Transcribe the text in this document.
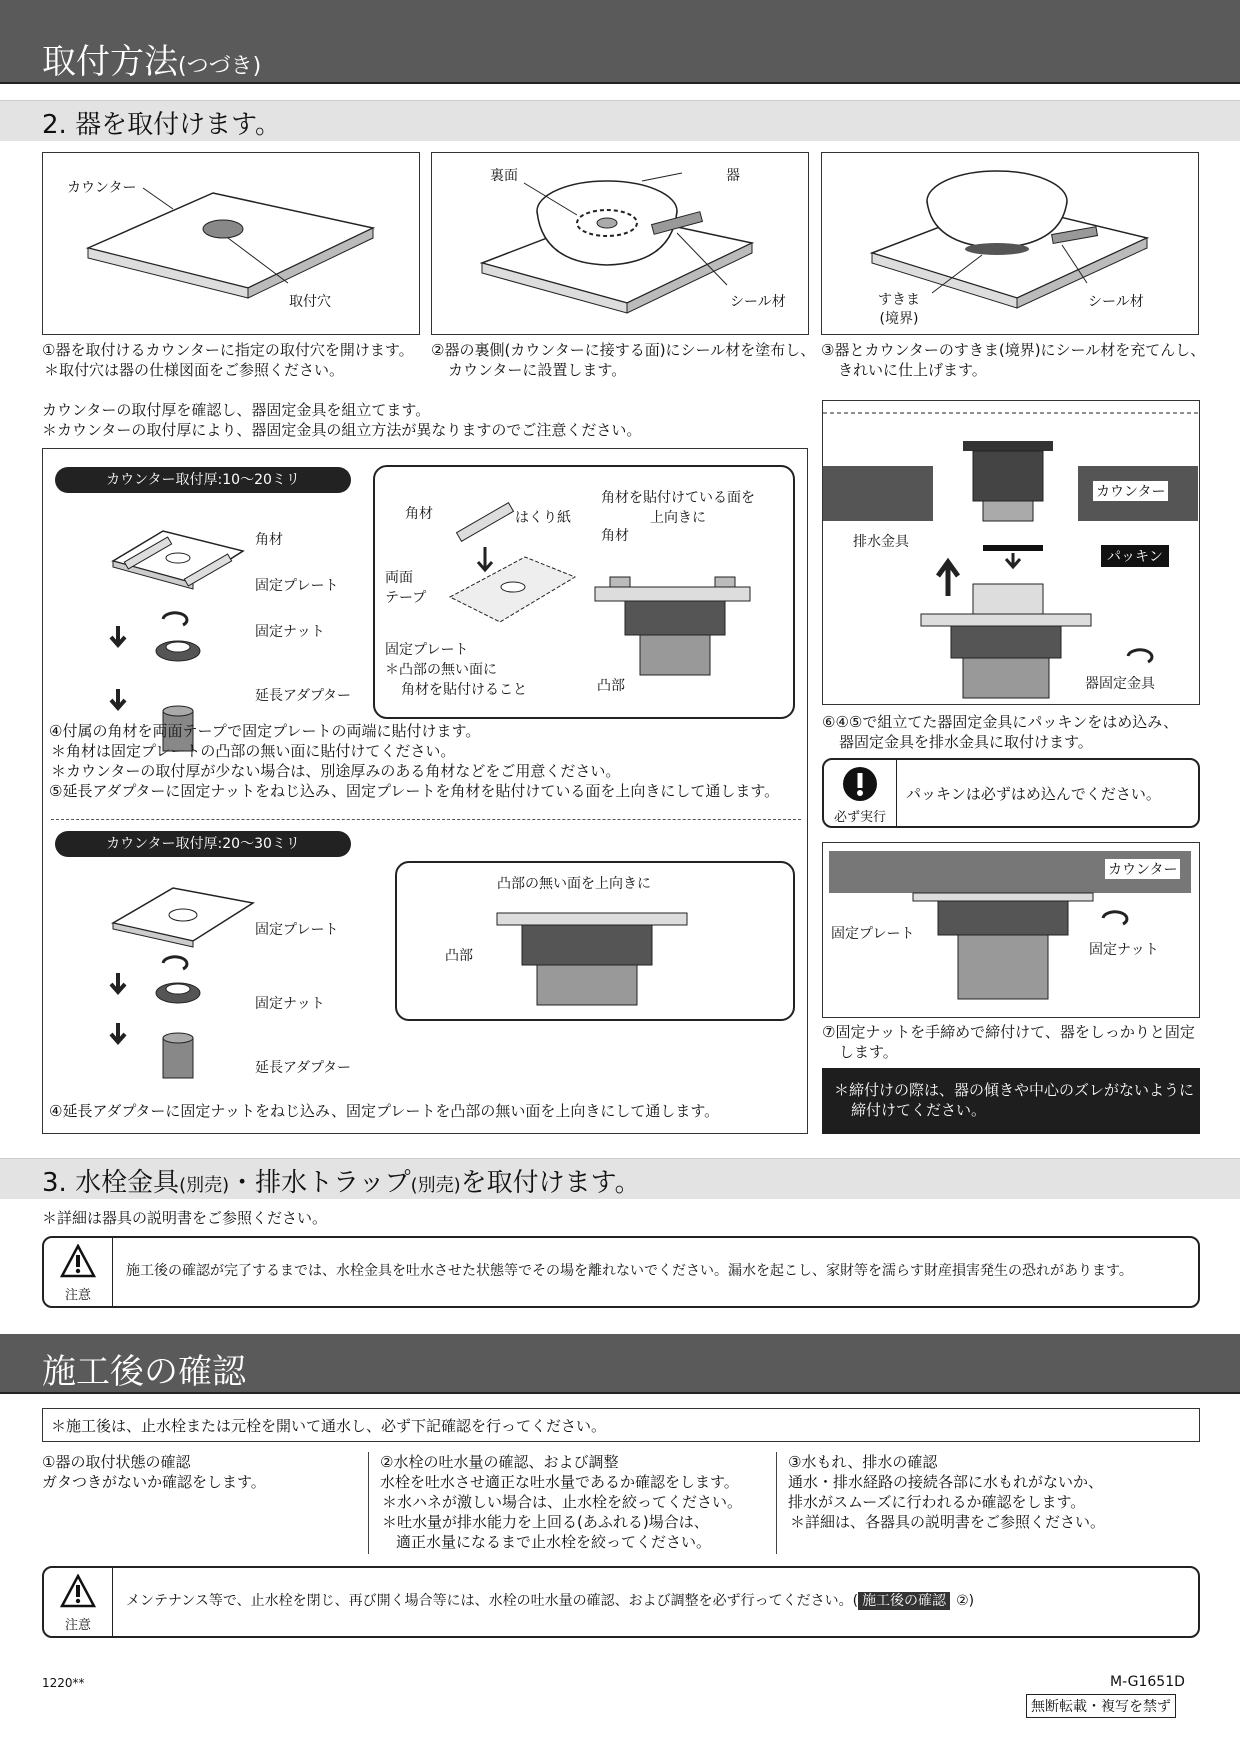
取付方法(つづき)
2. 器を取付けます。
カウンター
取付穴
裏面	器
シール材	すきま
(境界)
シール材
①器を取付けるカウンターに指定の取付穴を開けます。
＊取付穴は器の仕様図面をご参照ください。
②器の裏側(カウンターに接する面)にシール材を塗布し、
カウンターに設置します。
③器とカウンターのすきま(境界)にシール材を充てんし、
きれいに仕上げます。
カウンターの取付厚を確認し、器固定金具を組立てます。
＊カウンターの取付厚により、器固定金具の組立方法が異なりますのでご注意ください。
カウンター取付厚:10～20ミリ
角材
固定プレート
固定ナット
延長アダプター
角材	はくり紙
両面
テープ
固定プレート
＊凸部の無い面に
角材を貼付けること
角材を貼付けている面を
上向きに
角材
凸部
④付属の角材を両面テープで固定プレートの両端に貼付けます。
＊角材は固定プレートの凸部の無い面に貼付けてください。
＊カウンターの取付厚が少ない場合は、別途厚みのある角材などをご用意ください。
⑤延長アダプターに固定ナットをねじ込み、固定プレートを角材を貼付けている面を上向きにして通します。
カウンター取付厚:20～30ミリ
固定プレート
固定ナット
延長アダプター
凸部の無い面を上向きに
凸部
④延長アダプターに固定ナットをねじ込み、固定プレートを凸部の無い面を上向きにして通します。
カウンター
排水金具
パッキン
器固定金具
⑥④⑤で組立てた器固定金具にパッキンをはめ込み、
器固定金具を排水金具に取付けます。
必ず実行
パッキンは必ずはめ込んでください。
カウンター
固定プレート
固定ナット
⑦固定ナットを手締めで締付けて、器をしっかりと固定
します。
＊締付けの際は、器の傾きや中心のズレがないように
締付けてください。
3. 水栓金具(別売)・排水トラップ(別売)を取付けます。
＊詳細は器具の説明書をご参照ください。
注意
施工後の確認が完了するまでは、水栓金具を吐水させた状態等でその場を離れないでください。漏水を起こし、家財等を濡らす財産損害発生の恐れがあります。
施工後の確認
＊施工後は、止水栓または元栓を開いて通水し、必ず下記確認を行ってください。
①器の取付状態の確認
ガタつきがないか確認をします。
②水栓の吐水量の確認、および調整
水栓を吐水させ適正な吐水量であるか確認をします。
＊水ハネが激しい場合は、止水栓を絞ってください。
＊吐水量が排水能力を上回る(あふれる)場合は、
適正水量になるまで止水栓を絞ってください。
③水もれ、排水の確認
通水・排水経路の接続各部に水もれがないか、
排水がスムーズに行われるか確認をします。
＊詳細は、各器具の説明書をご参照ください。
注意
メンテナンス等で、止水栓を閉じ、再び開く場合等には、水栓の吐水量の確認、および調整を必ず行ってください。( 施工後の確認 ②)
1220**	M-G1651D
無断転載・複写を禁ず
